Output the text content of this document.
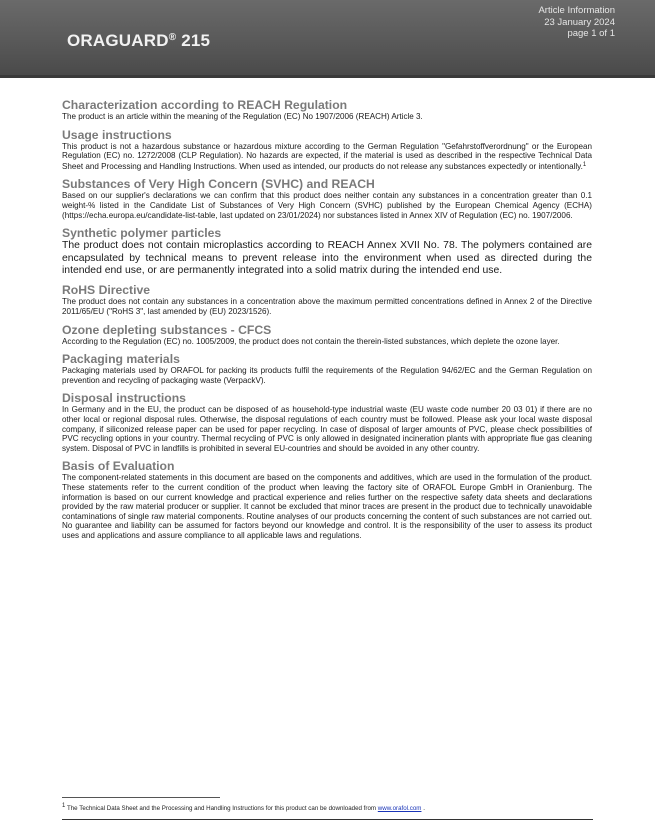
ORAGUARD® 215
Article Information
23 January 2024
page 1 of 1
Characterization according to REACH Regulation

The product is an article within the meaning of the Regulation (EC) No 1907/2006 (REACH) Article 3.

Usage instructions

This product is not a hazardous substance or hazardous mixture according to the German Regulation "Gefahrstoffverordnung" or the European Regulation (EC) no. 1272/2008 (CLP Regulation). No hazards are expected, if the material is used as described in the respective Technical Data Sheet and Processing and Handling Instructions. When used as intended, our products do not release any substances expectedly or intentionally.$^1$

Substances of Very High Concern (SVHC) and REACH

Based on our supplier's declarations we can confirm that this product does neither contain any substances in a concentration greater than 0.1 weight-% listed in the Candidate List of Substances of Very High Concern (SVHC) published by the European Chemical Agency (ECHA) (https://echa.europa.eu/candidate-list-table, last updated on 23/01/2024) nor substances listed in Annex XIV of Regulation (EC) no. 1907/2006.

Synthetic polymer particles

The product does not contain microplastics according to REACH Annex XVII No. 78. The polymers contained are encapsulated by technical means to prevent release into the environment when used as directed during the intended end use, or are permanently integrated into a solid matrix during the intended end use.

RoHS Directive

The product does not contain any substances in a concentration above the maximum permitted concentrations defined in Annex 2 of the Directive 2011/65/EU ("RoHS 3", last amended by (EU) 2023/1526).

Ozone depleting substances - CFCS

According to the Regulation (EC) no. 1005/2009, the product does not contain the therein-listed substances, which deplete the ozone layer.

Packaging materials

Packaging materials used by ORAFOL for packing its products fulfil the requirements of the Regulation 94/62/EC and the German Regulation on prevention and recycling of packaging waste (VerpackV).

Disposal instructions

In Germany and in the EU, the product can be disposed of as household-type industrial waste (EU waste code number 20 03 01) if there are no other local or regional disposal rules. Otherwise, the disposal regulations of each country must be followed. Please ask your local waste disposal company, if siliconized release paper can be used for paper recycling. In case of disposal of larger amounts of PVC, please check possibilities of PVC recycling options in your country. Thermal recycling of PVC is only allowed in designated incineration plants with appropriate flue gas cleaning system. Disposal of PVC in landfills is prohibited in several EU-countries and should be avoided in any other country.

Basis of Evaluation

The component-related statements in this document are based on the components and additives, which are used in the formulation of the product. These statements refer to the current condition of the product when leaving the factory site of ORAFOL Europe GmbH in Oranienburg. The information is based on our current knowledge and practical experience and relies further on the respective safety data sheets and declarations provided by the raw material producer or supplier. It cannot be excluded that minor traces are present in the product due to technically unavoidable contaminations of single raw material components. Routine analyses of our products concerning the content of such substances are not carried out. No guarantee and liability can be assumed for factors beyond our knowledge and control. It is the responsibility of the user to assess its product uses and applications and assure compliance to all applicable laws and regulations.

1 The Technical Data Sheet and the Processing and Handling Instructions for this product can be downloaded from www.orafol.com .
